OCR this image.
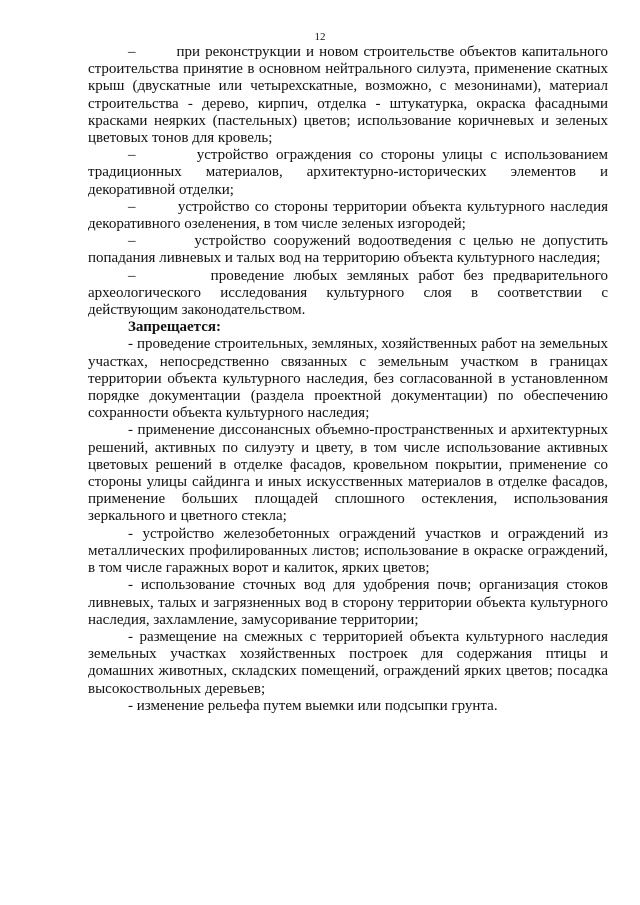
12

–        при реконструкции и новом строительстве объектов капитального строительства принятие в основном нейтрального силуэта, применение скатных крыш (двускатные или четырехскатные, возможно, с мезонинами), материал строительства - дерево, кирпич, отделка - штукатурка, окраска фасадными красками неярких (пастельных) цветов; использование коричневых и зеленых цветовых тонов для кровель;

–        устройство ограждения со стороны улицы с использованием традиционных материалов, архитектурно-исторических элементов и декоративной отделки;

–        устройство со стороны территории объекта культурного наследия декоративного озеленения, в том числе зеленых изгородей;

–        устройство сооружений водоотведения с целью не допустить попадания ливневых и талых вод на территорию объекта культурного наследия;

–        проведение любых земляных работ без предварительного археологического исследования культурного слоя в соответствии с действующим законодательством.

Запрещается:

- проведение строительных, земляных, хозяйственных работ на земельных участках, непосредственно связанных с земельным участком в границах территории объекта культурного наследия, без согласованной в установленном порядке документации (раздела проектной документации) по обеспечению сохранности объекта культурного наследия;

- применение диссонансных объемно-пространственных и архитектурных решений, активных по силуэту и цвету, в том числе использование активных цветовых решений в отделке фасадов, кровельном покрытии, применение со стороны улицы сайдинга и иных искусственных материалов в отделке фасадов, применение больших площадей сплошного остекления, использования зеркального и цветного стекла;

- устройство железобетонных ограждений участков и ограждений из металлических профилированных листов; использование в окраске ограждений, в том числе гаражных ворот и калиток, ярких цветов;

- использование сточных вод для удобрения почв; организация стоков ливневых, талых и загрязненных вод в сторону территории объекта культурного наследия, захламление, замусоривание территории;

- размещение на смежных с территорией объекта культурного наследия земельных участках хозяйственных построек для содержания птицы и домашних животных, складских помещений, ограждений ярких цветов; посадка высокоствольных деревьев;

- изменение рельефа путем выемки или подсыпки грунта.
